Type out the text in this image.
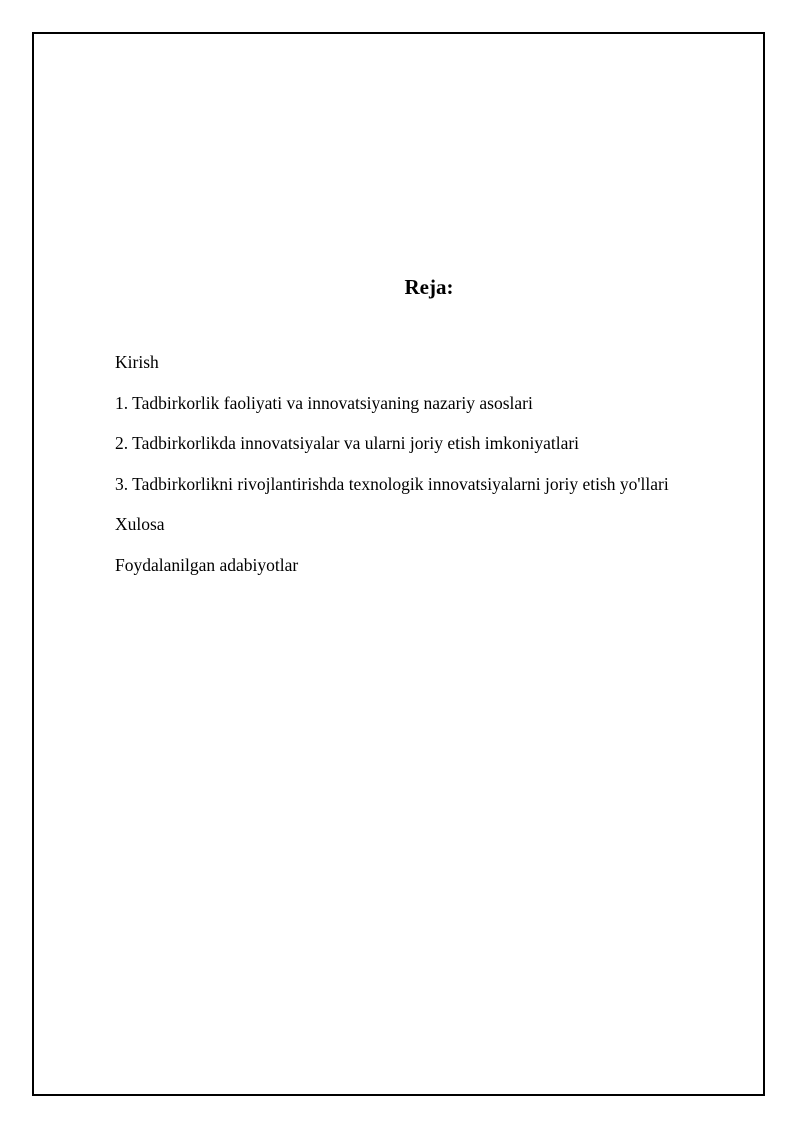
Reja:
Kirish
1. Tadbirkorlik faoliyati va innovatsiyaning nazariy asoslari
2. Tadbirkorlikda innovatsiyalar va ularni joriy etish imkoniyatlari
3. Tadbirkorlikni rivojlantirishda texnologik innovatsiyalarni joriy etish yo'llari
Xulosa
Foydalanilgan adabiyotlar
